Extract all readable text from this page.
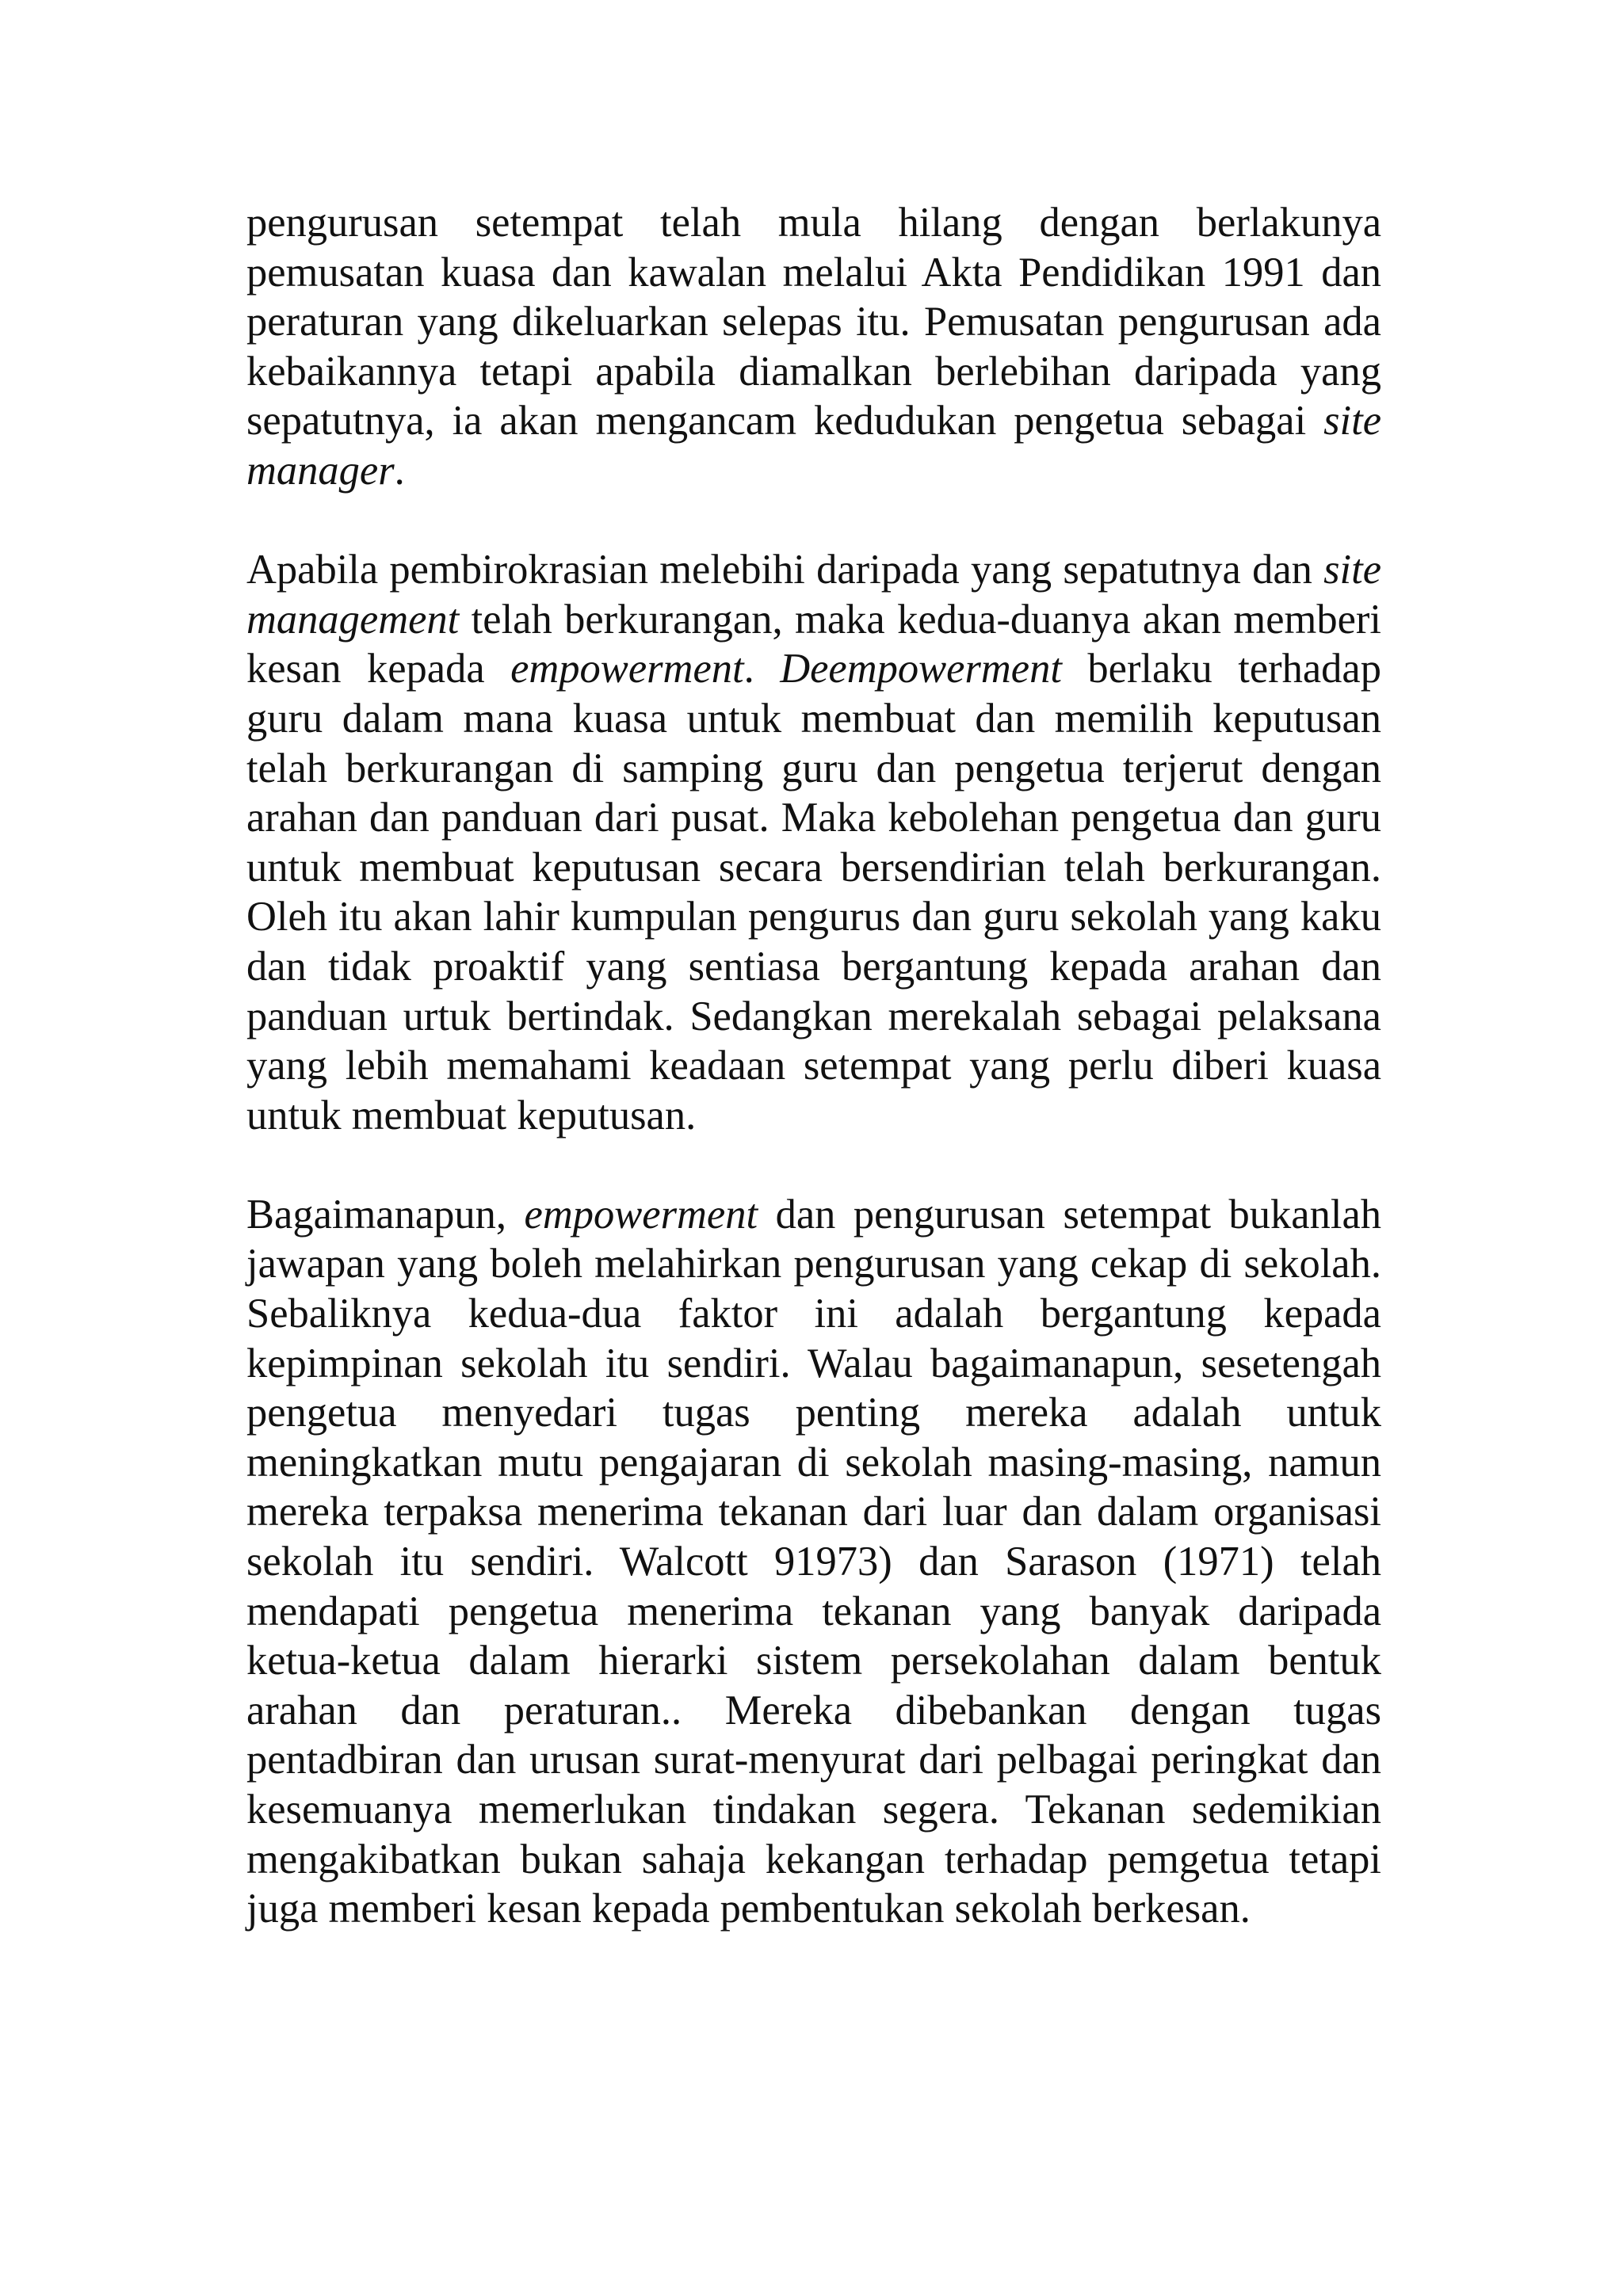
pengurusan setempat telah mula hilang dengan berlakunya pemusatan kuasa dan kawalan melalui Akta Pendidikan 1991 dan peraturan yang dikeluarkan selepas itu. Pemusatan pengurusan ada kebaikannya tetapi apabila diamalkan berlebihan daripada yang sepatutnya, ia akan mengancam kedudukan pengetua sebagai site manager.

Apabila pembirokrasian melebihi daripada yang sepatutnya dan site management telah berkurangan, maka kedua-duanya akan memberi kesan kepada empowerment. Deempowerment berlaku terhadap guru dalam mana kuasa untuk membuat dan memilih keputusan telah berkurangan di samping guru dan pengetua terjerut dengan arahan dan panduan dari pusat. Maka kebolehan pengetua dan guru untuk membuat keputusan secara bersendirian telah berkurangan. Oleh itu akan lahir kumpulan pengurus dan guru sekolah yang kaku dan tidak proaktif yang sentiasa bergantung kepada arahan dan panduan urtuk bertindak. Sedangkan merekalah sebagai pelaksana yang lebih memahami keadaan setempat yang perlu diberi kuasa untuk membuat keputusan.

Bagaimanapun, empowerment dan pengurusan setempat bukanlah jawapan yang boleh melahirkan pengurusan yang cekap di sekolah. Sebaliknya kedua-dua faktor ini adalah bergantung kepada kepimpinan sekolah itu sendiri. Walau bagaimanapun, sesetengah pengetua menyedari tugas penting mereka adalah untuk meningkatkan mutu pengajaran di sekolah masing-masing, namun mereka terpaksa menerima tekanan dari luar dan dalam organisasi sekolah itu sendiri. Walcott 91973) dan Sarason (1971) telah mendapati pengetua menerima tekanan yang banyak daripada ketua-ketua dalam hierarki sistem persekolahan dalam bentuk arahan dan peraturan.. Mereka dibebankan dengan tugas pentadbiran dan urusan surat-menyurat dari pelbagai peringkat dan kesemuanya memerlukan tindakan segera. Tekanan sedemikian mengakibatkan bukan sahaja kekangan terhadap pemgetua tetapi juga memberi kesan kepada pembentukan sekolah berkesan.
